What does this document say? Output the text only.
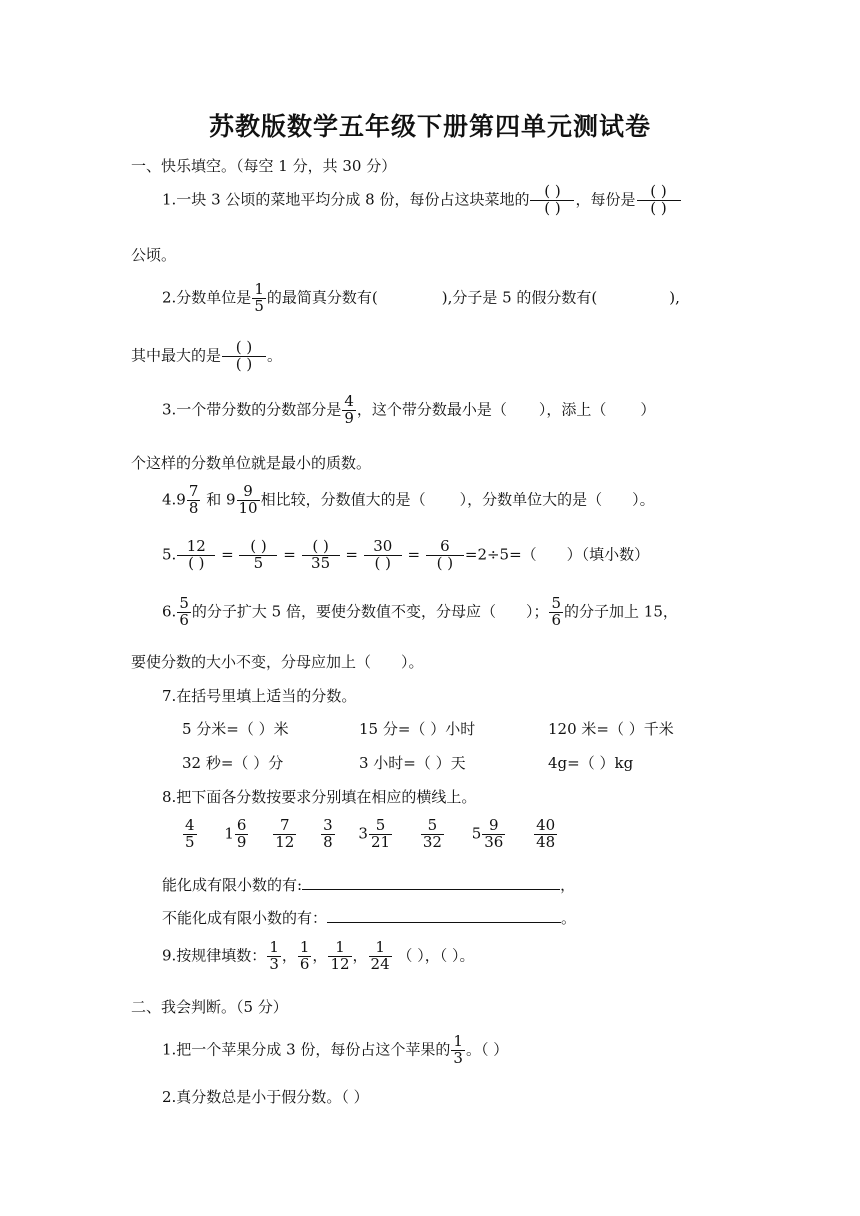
苏教版数学五年级下册第四单元测试卷
一、快乐填空。（每空 1 分，共 30 分）
1.一块 3 公顷的菜地平均分成 8 份，每份占这块菜地的 $\frac{( )}{( )}$ ，每份是 $\frac{( )}{( )}$
公顷。
2.分数单位是 $\frac{1}{5}$ 的最简真分数有(	),分子是 5 的假分数有(	),
其中最大的是 $\frac{( )}{( )}$ 。
3.一个带分数的分数部分是 $\frac{4}{9}$ ，这个带分数最小是（ ），添上（ ）
个这样的分数单位就是最小的质数。
$4.9 \frac{7}{8}$ 和 $9 \frac{9}{10}$ 相比较，分数值大的是（ ），分数单位大的是（ ）。
5. $\frac{12}{( )} = \frac{( )}{5} = \frac{( )}{35} = \frac{30}{( )} = \frac{6}{( )} =2\div 5=$（ ）（填小数）
6. $\frac{5}{6}$ 的分子扩大 5 倍，要使分数值不变，分母应（ ）； $\frac{5}{6}$ 的分子加上 15，
要使分数的大小不变，分母应加上（ ）。
7.在括号里填上适当的分数。
5 分米=（ ）米	15 分=（ ）小时	120 米=（ ）千米
32 秒=（ ）分	3 小时=（ ）天	4g=（ ）kg
8.把下面各分数按要求分别填在相应的横线上。
$\frac{4}{5} 1 \frac{6}{9}$
$\frac{7}{12}$
$\frac{3}{8} 3 \frac{5}{21}$
$\frac{5}{32} 5 \frac{9}{36}$
$\frac{40}{48}$
能化成有限小数的有:	，
不能化成有限小数的有：	。
9.按规律填数： $\frac{1}{3}$ ， $\frac{1}{6}$ ， $\frac{1}{12}$ ， $\frac{1}{24}$ （ ），（ ）。
二、我会判断。（5 分）
1.把一个苹果分成 3 份，每份占这个苹果的 $\frac{1}{3}$ 。（ ）
2.真分数总是小于假分数。（ ）
